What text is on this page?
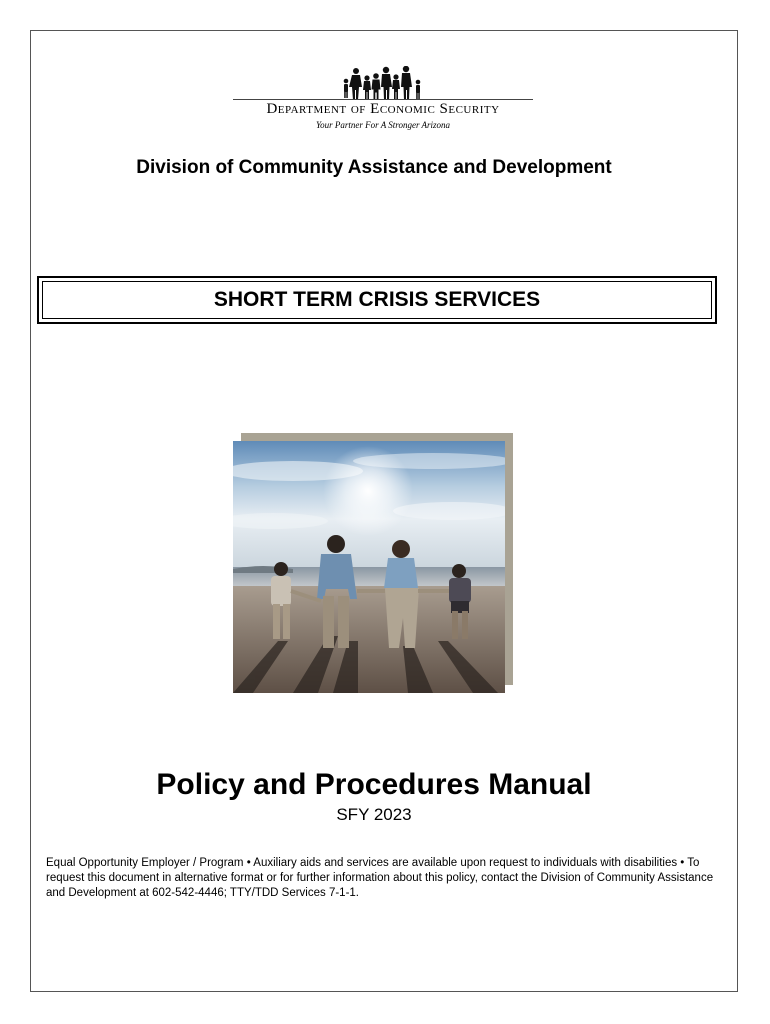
Department of Economic Security
Your Partner For A Stronger Arizona
Division of Community Assistance and Development
SHORT TERM CRISIS SERVICES
Policy and Procedures Manual
SFY 2023
Equal Opportunity Employer / Program • Auxiliary aids and services are available upon request to individuals with disabilities • To request this document in alternative format or for further information about this policy, contact the Division of Community Assistance and Development at 602-542-4446; TTY/TDD Services 7-1-1.
